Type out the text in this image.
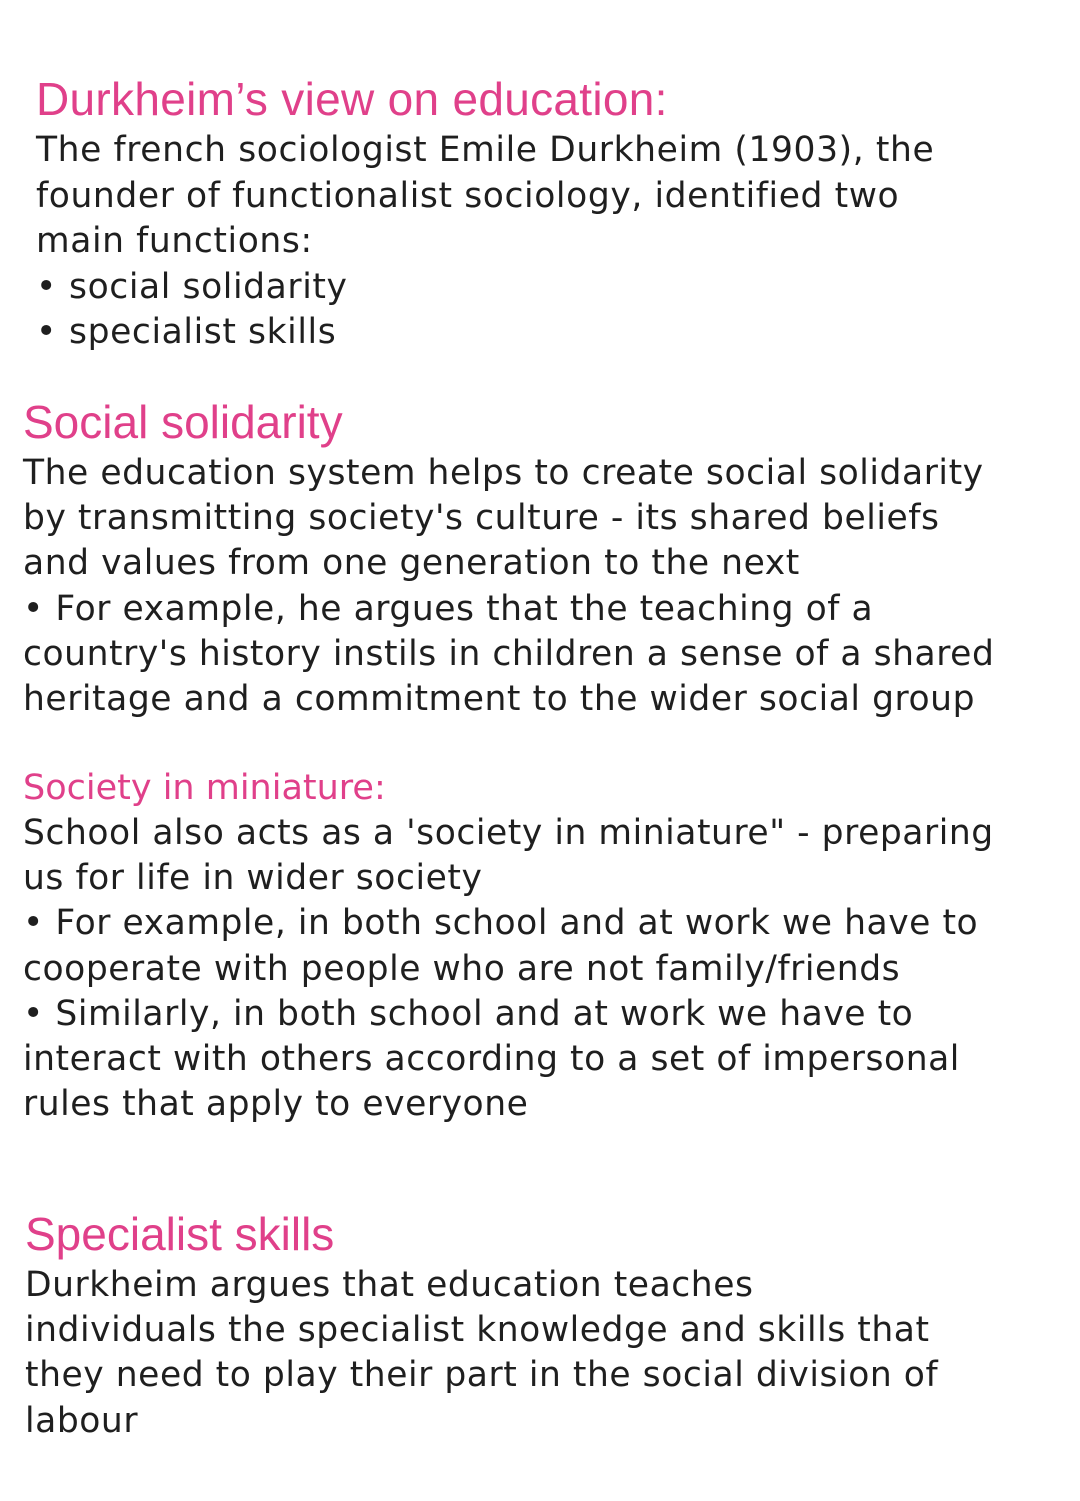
Durkheim’s view on education:

The french sociologist Emile Durkheim (1903), the

founder of functionalist sociology, identified two

main functions:

•
social solidarity
•
specialist skills
Social solidarity

The education system helps to create social solidarity

by transmitting society's culture - its shared beliefs

and values from one generation to the next

• For example, he argues that the teaching of a

country's history instils in children a sense of a shared

heritage and a commitment to the wider social group

Society in miniature:

School also acts as a 'society in miniature" - preparing

us for life in wider society

• For example, in both school and at work we have to

cooperate with people who are not family/friends

• Similarly, in both school and at work we have to

interact with others according to a set of impersonal

rules that apply to everyone

Specialist skills

Durkheim argues that education teaches

individuals the specialist knowledge and skills that

they need to play their part in the social division of

labour
